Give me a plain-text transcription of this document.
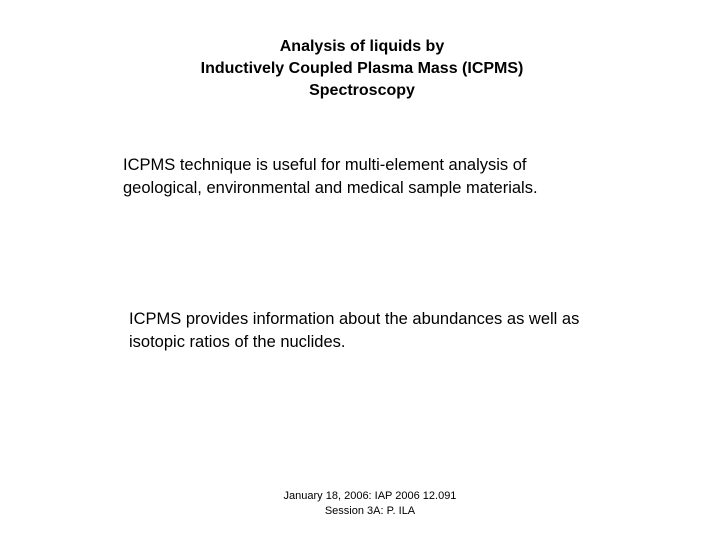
Analysis of liquids by
Inductively Coupled Plasma Mass (ICPMS)
Spectroscopy
ICPMS technique is useful for multi-element analysis of geological, environmental and medical sample materials.
ICPMS provides information about the abundances as well as isotopic ratios of the nuclides.
January 18, 2006: IAP 2006 12.091
Session 3A: P. ILA
